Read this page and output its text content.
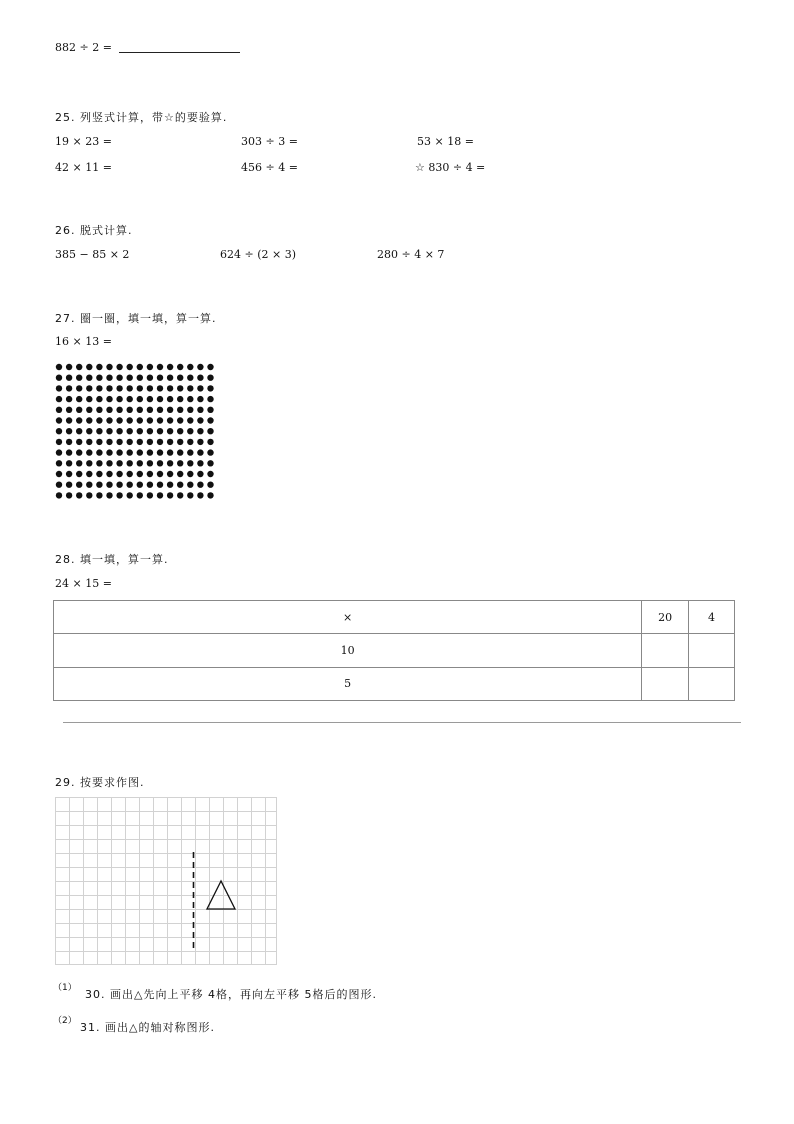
882 ÷ 2 =
25. 列竖式计算，带☆的要验算.
19 × 23 =	303 ÷ 3 =	53 × 18 =
42 × 11 =	456 ÷ 4 =	☆ 830 ÷ 4 =
26. 脱式计算.
385 − 85 × 2	624 ÷ (2 × 3)	280 ÷ 4 × 7
27. 圈一圈，填一填，算一算.
16 × 13 =
28. 填一填，算一算.
24 × 15 =
×	20	4
10		
5		
29. 按要求作图.
（1） 30. 画出△先向上平移 4格，再向左平移 5格后的图形.
（2） 31. 画出△的轴对称图形.
